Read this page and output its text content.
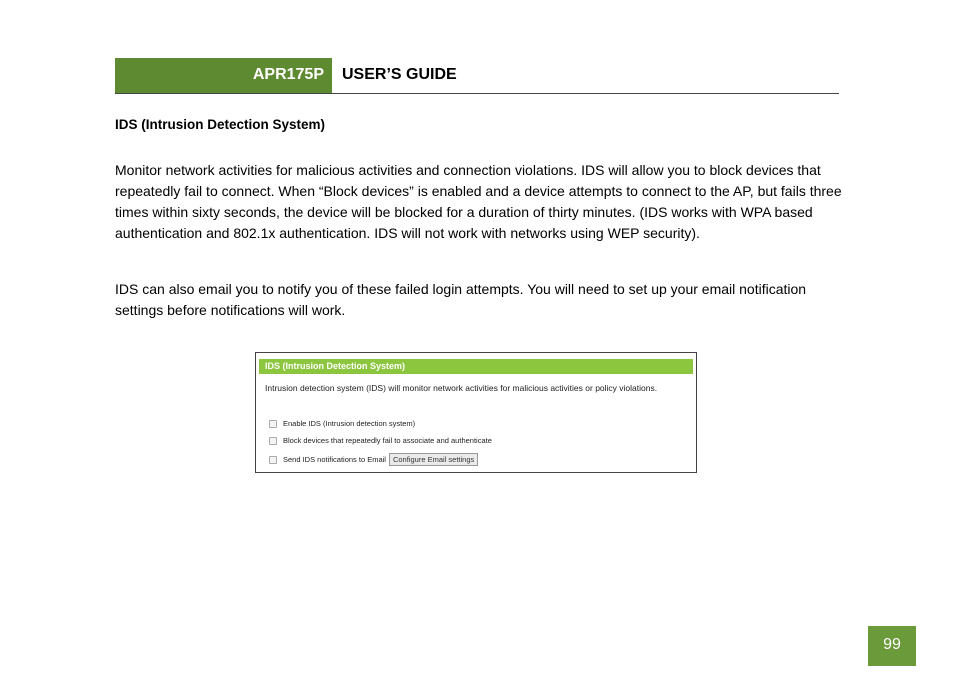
APR175P USER’S GUIDE
IDS (Intrusion Detection System)

Monitor network activities for malicious activities and connection violations. IDS will allow you to block devices that repeatedly fail to connect. When “Block devices” is enabled and a device attempts to connect to the AP, but fails three times within sixty seconds, the device will be blocked for a duration of thirty minutes. (IDS works with WPA based authentication and 802.1x authentication. IDS will not work with networks using WEP security).

IDS can also email you to notify you of these failed login attempts. You will need to set up your email notification settings before notifications will work.

IDS (Intrusion Detection System)
Intrusion detection system (IDS) will monitor network activities for malicious activities or policy violations.
Enable IDS (Intrusion detection system)
Block devices that repeatedly fail to associate and authenticate
Send IDS notifications to Email Configure Email settings
99
